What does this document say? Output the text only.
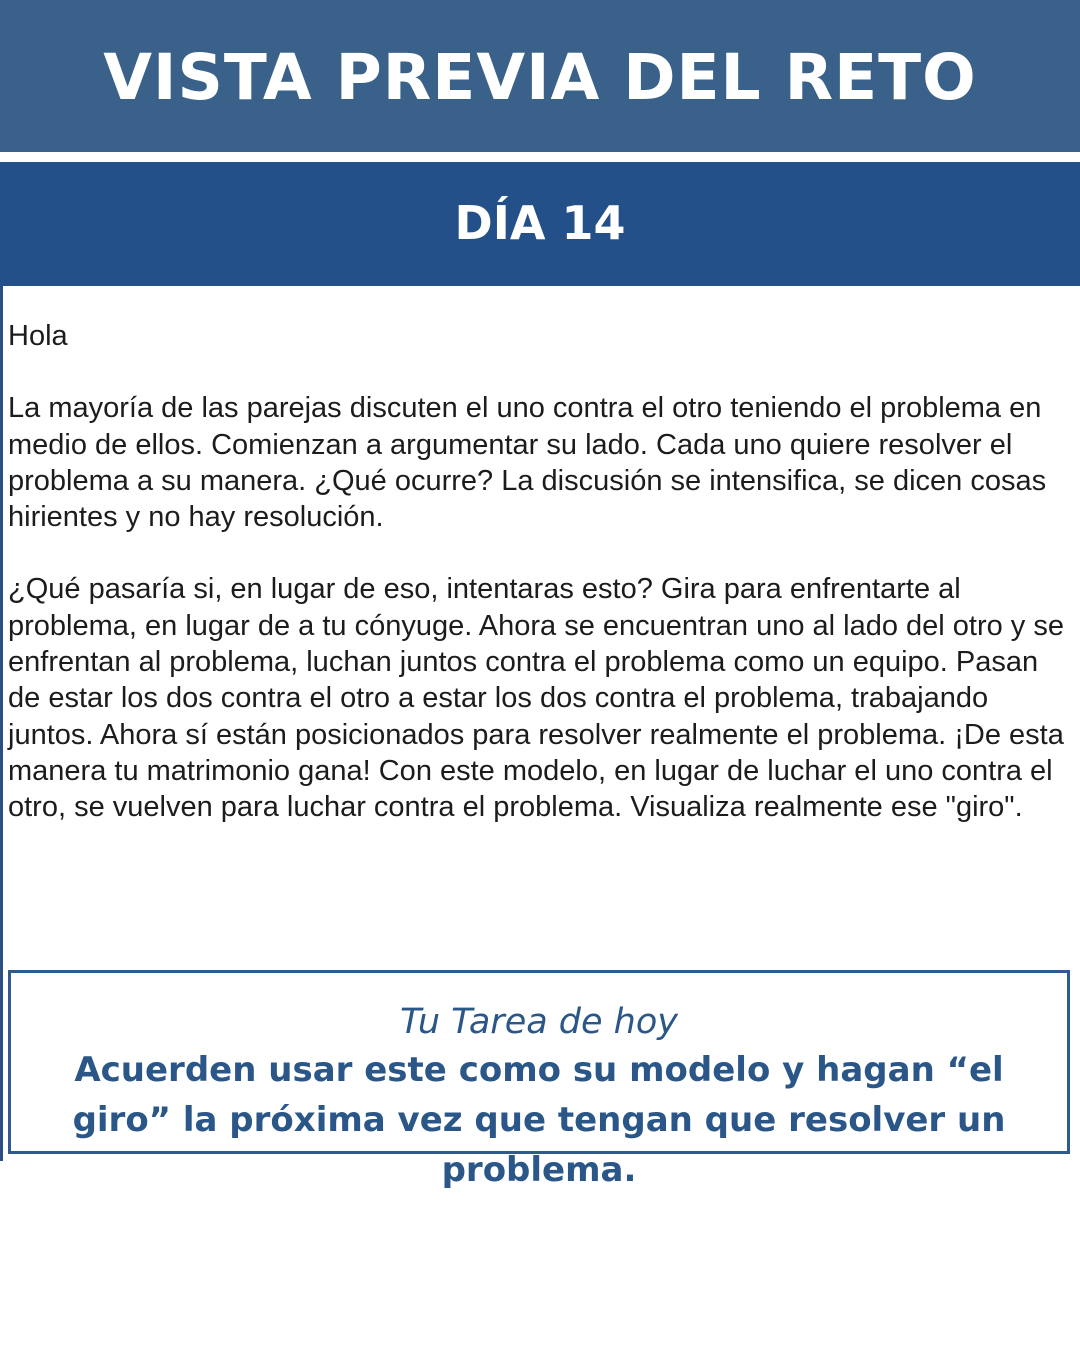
VISTA PREVIA DEL RETO
DÍA 14

Hola

La mayoría de las parejas discuten el uno contra el otro teniendo el problema en medio de ellos. Comienzan a argumentar su lado. Cada uno quiere resolver el problema a su manera. ¿Qué ocurre? La discusión se intensifica, se dicen cosas hirientes y no hay resolución.

¿Qué pasaría si, en lugar de eso, intentaras esto? Gira para enfrentarte al problema, en lugar de a tu cónyuge. Ahora se encuentran uno al lado del otro y se enfrentan al problema, luchan juntos contra el problema como un equipo. Pasan de estar los dos contra el otro a estar los dos contra el problema, trabajando juntos. Ahora sí están posicionados para resolver realmente el problema. ¡De esta manera tu matrimonio gana! Con este modelo, en lugar de luchar el uno contra el otro, se vuelven para luchar contra el problema. Visualiza realmente ese "giro".

Tu Tarea de hoy
Acuerden usar este como su modelo y hagan “el giro” la próxima vez que tengan que resolver un problema.
